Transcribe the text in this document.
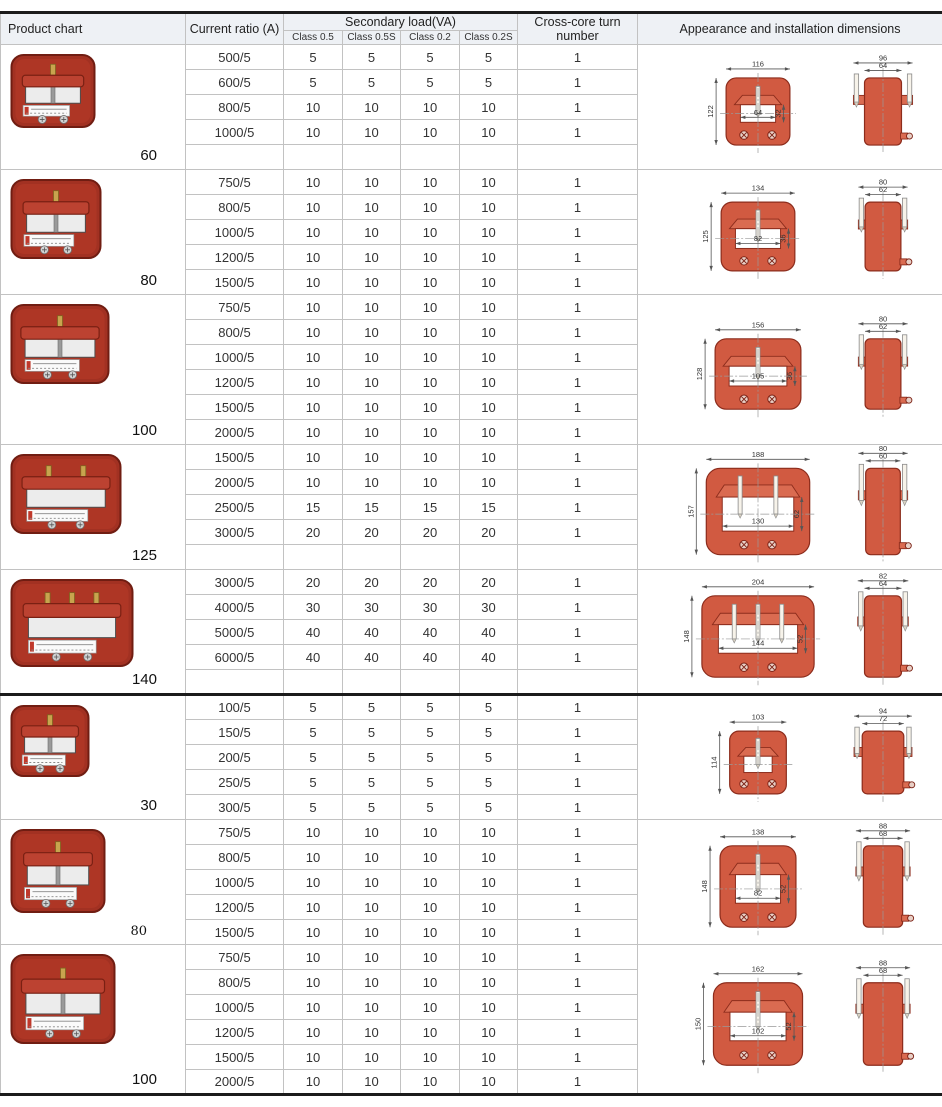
Product chart	Current ratio (A)	Secondary load(VA)				Cross-core turn number	Appearance and installation dimensions
		Class 0.5	Class 0.5S	Class 0.2	Class 0.2S		

60
	500/5	5	5	5	5	1	116
122	64 32
96
64

	600/5	5	5	5	5	1	
	800/5	10	10	10	10	1	
	1000/5	10	10	10	10	1	

80
	750/5	10	10	10	10	1	134
125	82 36
80
62

	800/5	10	10	10	10	1	
	1000/5	10	10	10	10	1	
	1200/5	10	10	10	10	1	
	1500/5	10	10	10	10	1	

100
	750/5	10	10	10	10	1	
156
128	105	36
80
62

	800/5	10	10	10	10	1	
	1000/5	10	10	10	10	1	
	1200/5	10	10	10	10	1	
	1500/5	10	10	10	10	1	
	2000/5	10	10	10	10	1	

125
	1500/5	10	10	10	10	1	188
157
130
62
80
60

	2000/5	10	10	10	10	1	
	2500/5	15	15	15	15	1	
	3000/5	20	20	20	20	1	

140
	3000/5	20	20	20	20	1	204
148
144	52
82
64

	4000/5	30	30	30	30	1	
	5000/5	40	40	40	40	1	
	6000/5	40	40	40	40	1	

30	100/5	5	5	5	5	1	103
114
94
72

	150/5	5	5	5	5	1	
	200/5	5	5	5	5	1	
	250/5	5	5	5	5	1	
	300/5	5	5	5	5	1	

80
	750/5	10	10	10	10	1	138
148
82 52
88
68

	800/5	10	10	10	10	1	
	1000/5	10	10	10	10	1	
	1200/5	10	10	10	10	1	
	1500/5	10	10	10	10	1	

100
	750/5	10	10	10	10	1	
162
150
102	52
88
68

	800/5	10	10	10	10	1	
	1000/5	10	10	10	10	1	
	1200/5	10	10	10	10	1	
	1500/5	10	10	10	10	1	
	2000/5	10	10	10	10	1	
